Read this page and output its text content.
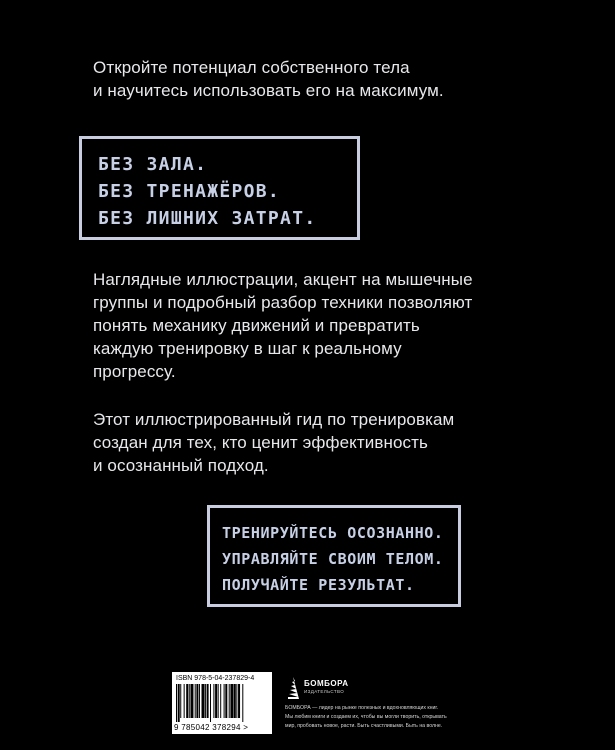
Откройте потенциал собственного тела
и научитесь использовать его на максимум.
БЕЗ ЗАЛА.
БЕЗ ТРЕНАЖЁРОВ.
БЕЗ ЛИШНИХ ЗАТРАТ.
Наглядные иллюстрации, акцент на мышечные
группы и подробный разбор техники позволяют
понять механику движений и превратить
каждую тренировку в шаг к реальному
прогрессу.
Этот иллюстрированный гид по тренировкам
создан для тех, кто ценит эффективность
и осознанный подход.
ТРЕНИРУЙТЕСЬ ОСОЗНАННО.
УПРАВЛЯЙТЕ СВОИМ ТЕЛОМ.
ПОЛУЧАЙТЕ РЕЗУЛЬТАТ.
ISBN 978-5-04-237829-4
9 785042 378294 >
БОМБОРА
ИЗДАТЕЛЬСТВО
БОМБОРА — лидер на рынке полезных и вдохновляющих книг.
Мы любим книги и создаем их, чтобы вы могли творить, открывать
мир, пробовать новое, расти. Быть счастливыми. Быть на волне.
